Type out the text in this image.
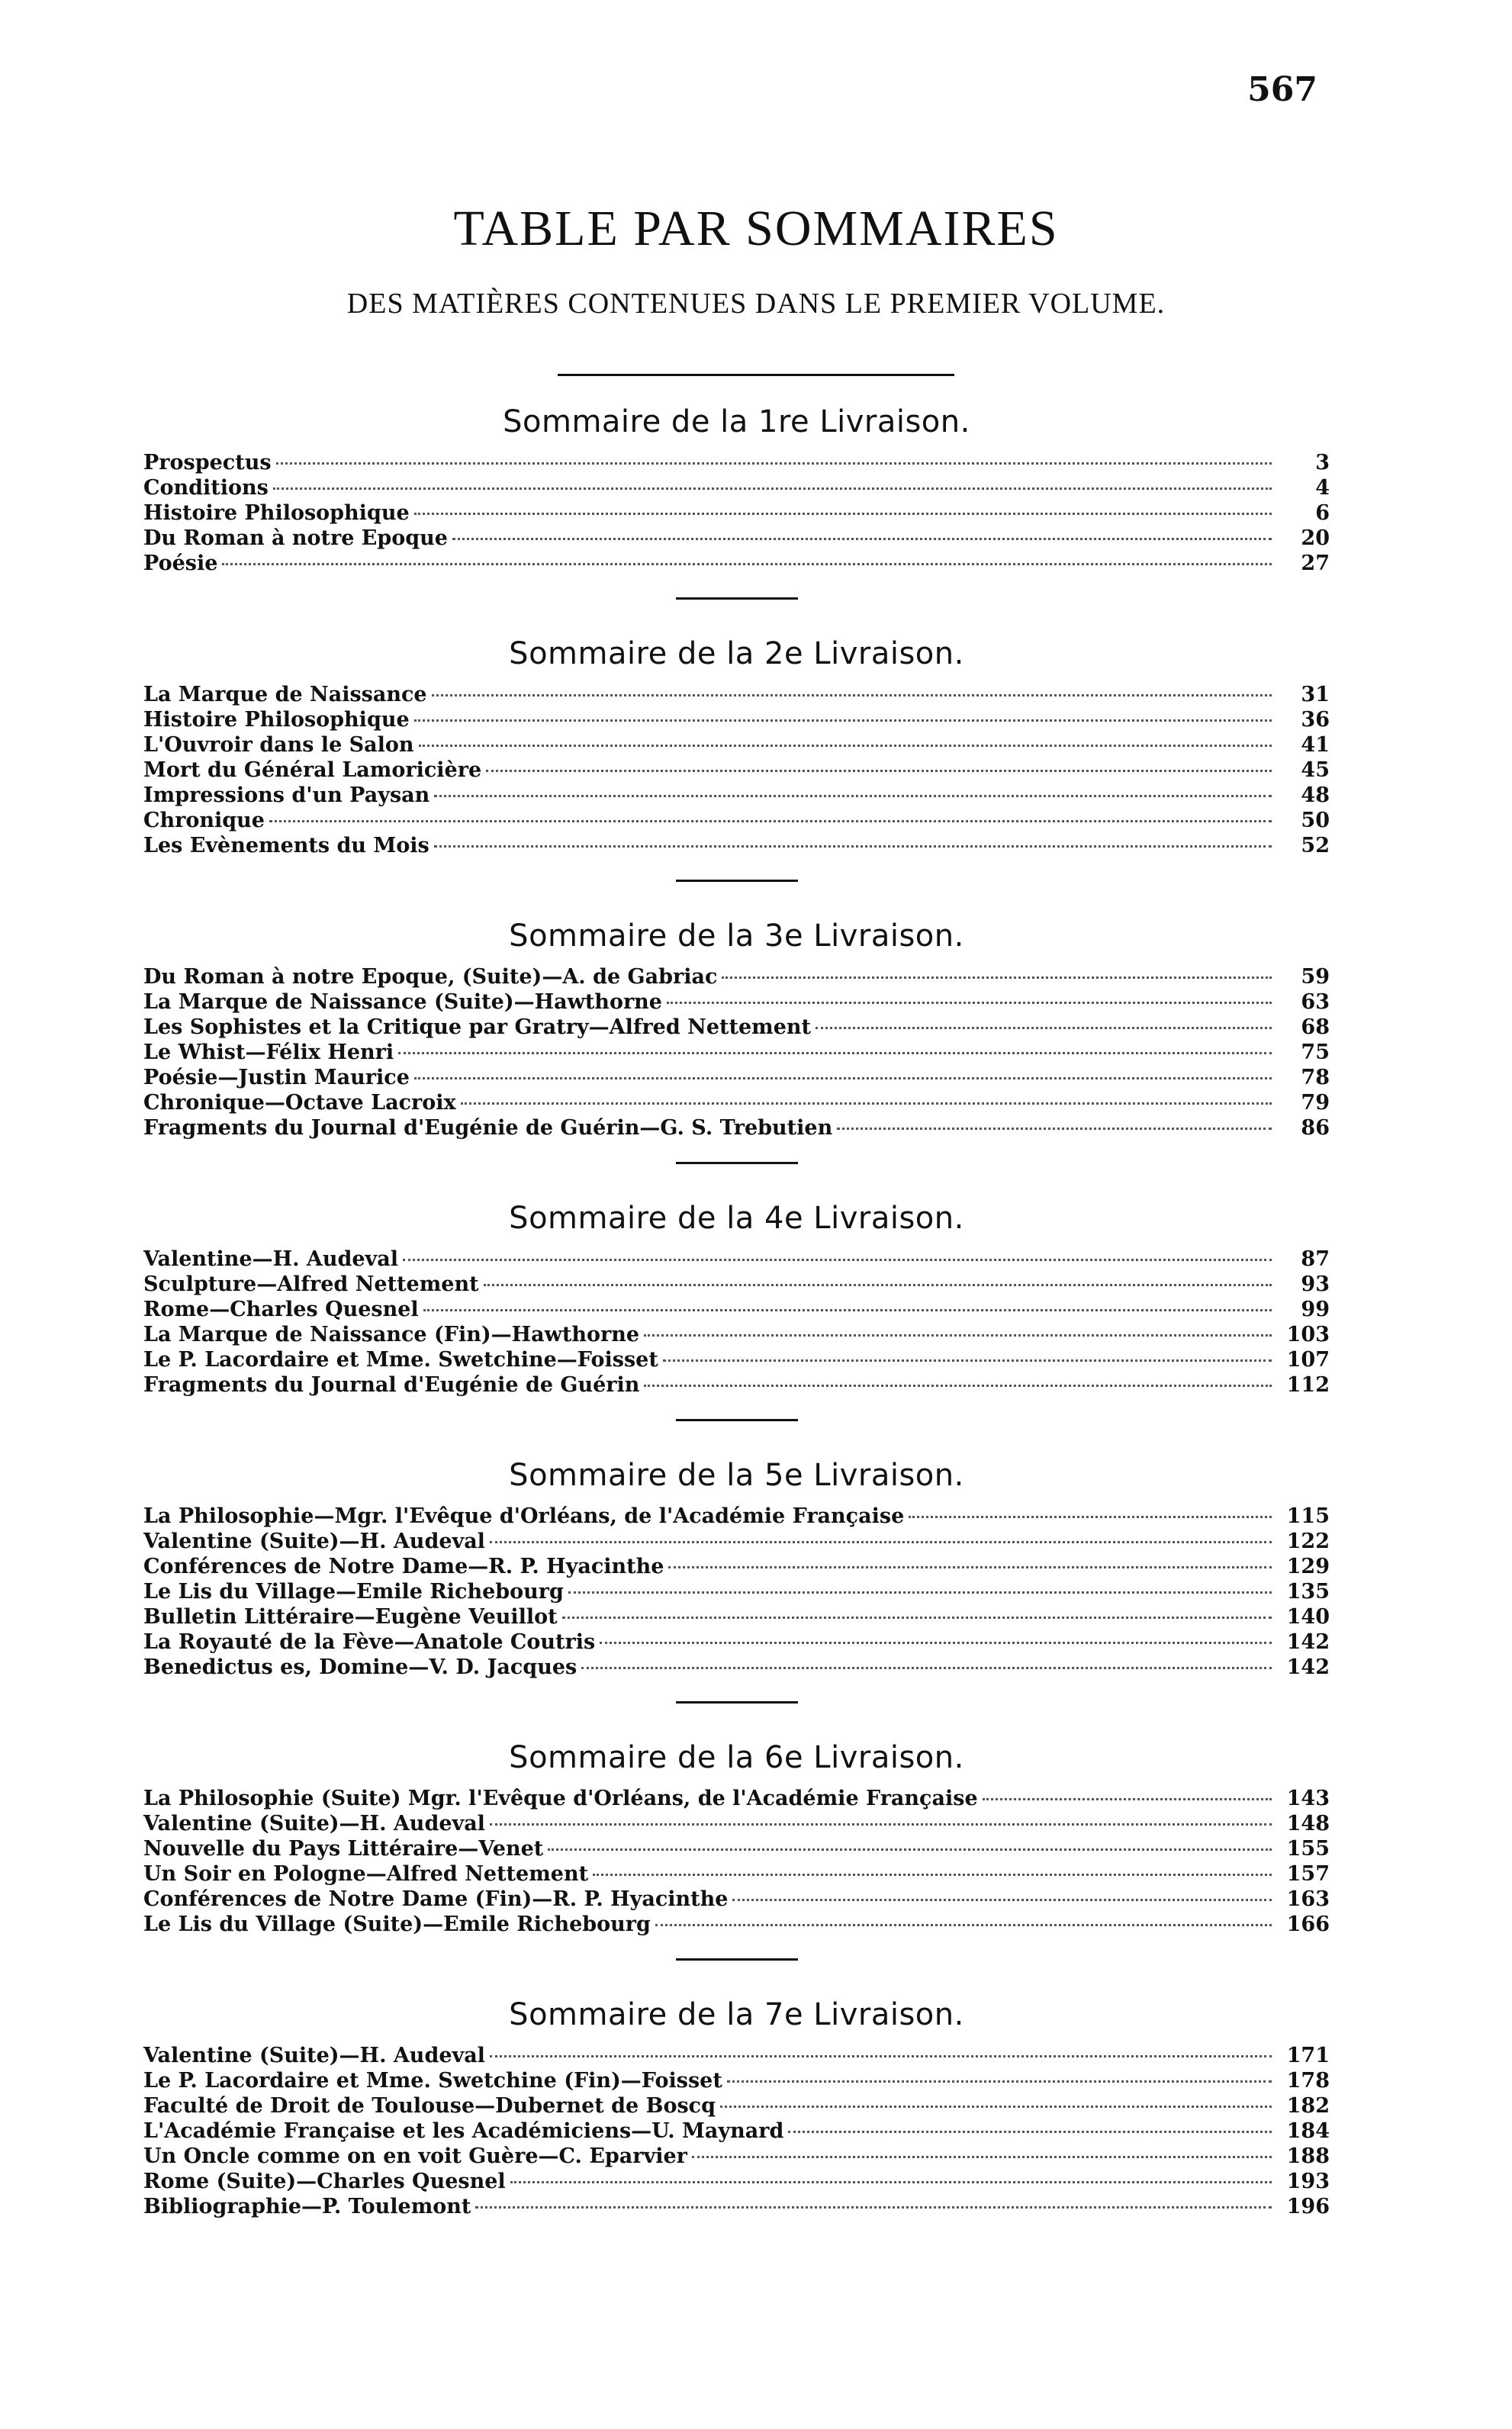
567
TABLE PAR SOMMAIRES
DES MATIÈRES CONTENUES DANS LE PREMIER VOLUME.
Sommaire de la 1re Livraison.
Prospectus	3
Conditions	4
Histoire Philosophique	6
Du Roman à notre Epoque	20
Poésie	27
Sommaire de la 2e Livraison.
La Marque de Naissance	31
Histoire Philosophique	36
L'Ouvroir dans le Salon	41
Mort du Général Lamoricière	45
Impressions d'un Paysan	48
Chronique	50
Les Evènements du Mois	52
Sommaire de la 3e Livraison.
Du Roman à notre Epoque, (Suite)—A. de Gabriac	59
La Marque de Naissance (Suite)—Hawthorne	63
Les Sophistes et la Critique par Gratry—Alfred Nettement	68
Le Whist—Félix Henri	75
Poésie—Justin Maurice	78
Chronique—Octave Lacroix	79
Fragments du Journal d'Eugénie de Guérin—G. S. Trebutien	86
Sommaire de la 4e Livraison.
Valentine—H. Audeval	87
Sculpture—Alfred Nettement	93
Rome—Charles Quesnel	99
La Marque de Naissance (Fin)—Hawthorne	103
Le P. Lacordaire et Mme. Swetchine—Foisset	107
Fragments du Journal d'Eugénie de Guérin	112
Sommaire de la 5e Livraison.
La Philosophie—Mgr. l'Evêque d'Orléans, de l'Académie Française	115
Valentine (Suite)—H. Audeval	122
Conférences de Notre Dame—R. P. Hyacinthe	129
Le Lis du Village—Emile Richebourg	135
Bulletin Littéraire—Eugène Veuillot	140
La Royauté de la Fève—Anatole Coutris	142
Benedictus es, Domine—V. D. Jacques	142
Sommaire de la 6e Livraison.
La Philosophie (Suite) Mgr. l'Evêque d'Orléans, de l'Académie Française	143
Valentine (Suite)—H. Audeval	148
Nouvelle du Pays Littéraire—Venet	155
Un Soir en Pologne—Alfred Nettement	157
Conférences de Notre Dame (Fin)—R. P. Hyacinthe	163
Le Lis du Village (Suite)—Emile Richebourg	166
Sommaire de la 7e Livraison.
Valentine (Suite)—H. Audeval	171
Le P. Lacordaire et Mme. Swetchine (Fin)—Foisset	178
Faculté de Droit de Toulouse—Dubernet de Boscq	182
L'Académie Française et les Académiciens—U. Maynard	184
Un Oncle comme on en voit Guère—C. Eparvier	188
Rome (Suite)—Charles Quesnel	193
Bibliographie—P. Toulemont	196
